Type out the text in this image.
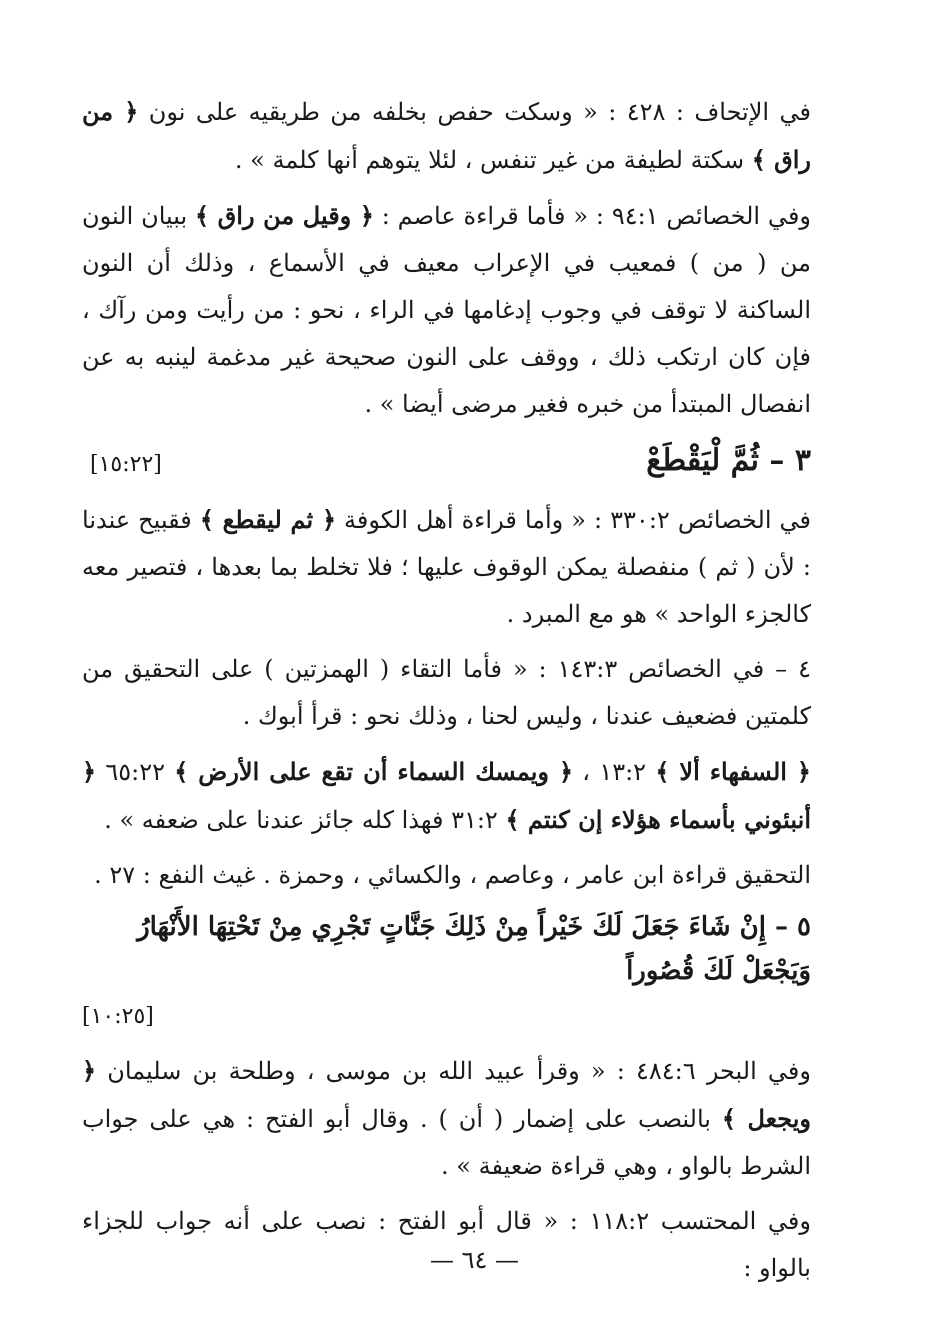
في الإتحاف : ٤٢٨ : « وسكت حفص بخلفه من طريقيه على نون ﴿ من راق ﴾ سكتة لطيفة من غير تنفس ، لئلا يتوهم أنها كلمة » .

وفي الخصائص ٩٤:١ : « فأما قراءة عاصم : ﴿ وقيل من راق ﴾ ببيان النون من ( من ) فمعيب في الإعراب معيف في الأسماع ، وذلك أن النون الساكنة لا توقف في وجوب إدغامها في الراء ، نحو : من رأيت ومن رآك ، فإن كان ارتكب ذلك ، ووقف على النون صحيحة غير مدغمة لينبه به عن انفصال المبتدأ من خبره فغير مرضى أيضا » .

٣ – ثُمَّ لْيَقْطَعْ
[١٥:٢٢]

في الخصائص ٣٣٠:٢ : « وأما قراءة أهل الكوفة ﴿ ثم ليقطع ﴾ فقبيح عندنا : لأن ( ثم ) منفصلة يمكن الوقوف عليها ؛ فلا تخلط بما بعدها ، فتصير معه كالجزء الواحد » هو مع المبرد .

٤ – في الخصائص ١٤٣:٣ : « فأما التقاء ( الهمزتين ) على التحقيق من كلمتين فضعيف عندنا ، وليس لحنا ، وذلك نحو : قرأ أبوك .

﴿ السفهاء ألا ﴾ ١٣:٢ ، ﴿ ويمسك السماء أن تقع على الأرض ﴾ ٦٥:٢٢ ﴿ أنبئوني بأسماء هؤلاء إن كنتم ﴾ ٣١:٢ فهذا كله جائز عندنا على ضعفه » .

التحقيق قراءة ابن عامر ، وعاصم ، والكسائي ، وحمزة . غيث النفع : ٢٧ .

٥ – إِنْ شَاءَ جَعَلَ لَكَ خَيْراً مِنْ ذَلِكَ جَنَّاتٍ تَجْرِي مِنْ تَحْتِهَا الأَنْهَارُ وَيَجْعَلْ لَكَ قُصُوراً
[١٠:٢٥]

وفي البحر ٤٨٤:٦ : « وقرأ عبيد الله بن موسى ، وطلحة بن سليمان ﴿ ويجعل ﴾ بالنصب على إضمار ( أن ) . وقال أبو الفتح : هي على جواب الشرط بالواو ، وهي قراءة ضعيفة » .

وفي المحتسب ١١٨:٢ : « قال أبو الفتح : نصب على أنه جواب للجزاء بالواو :

— ٦٤ —
